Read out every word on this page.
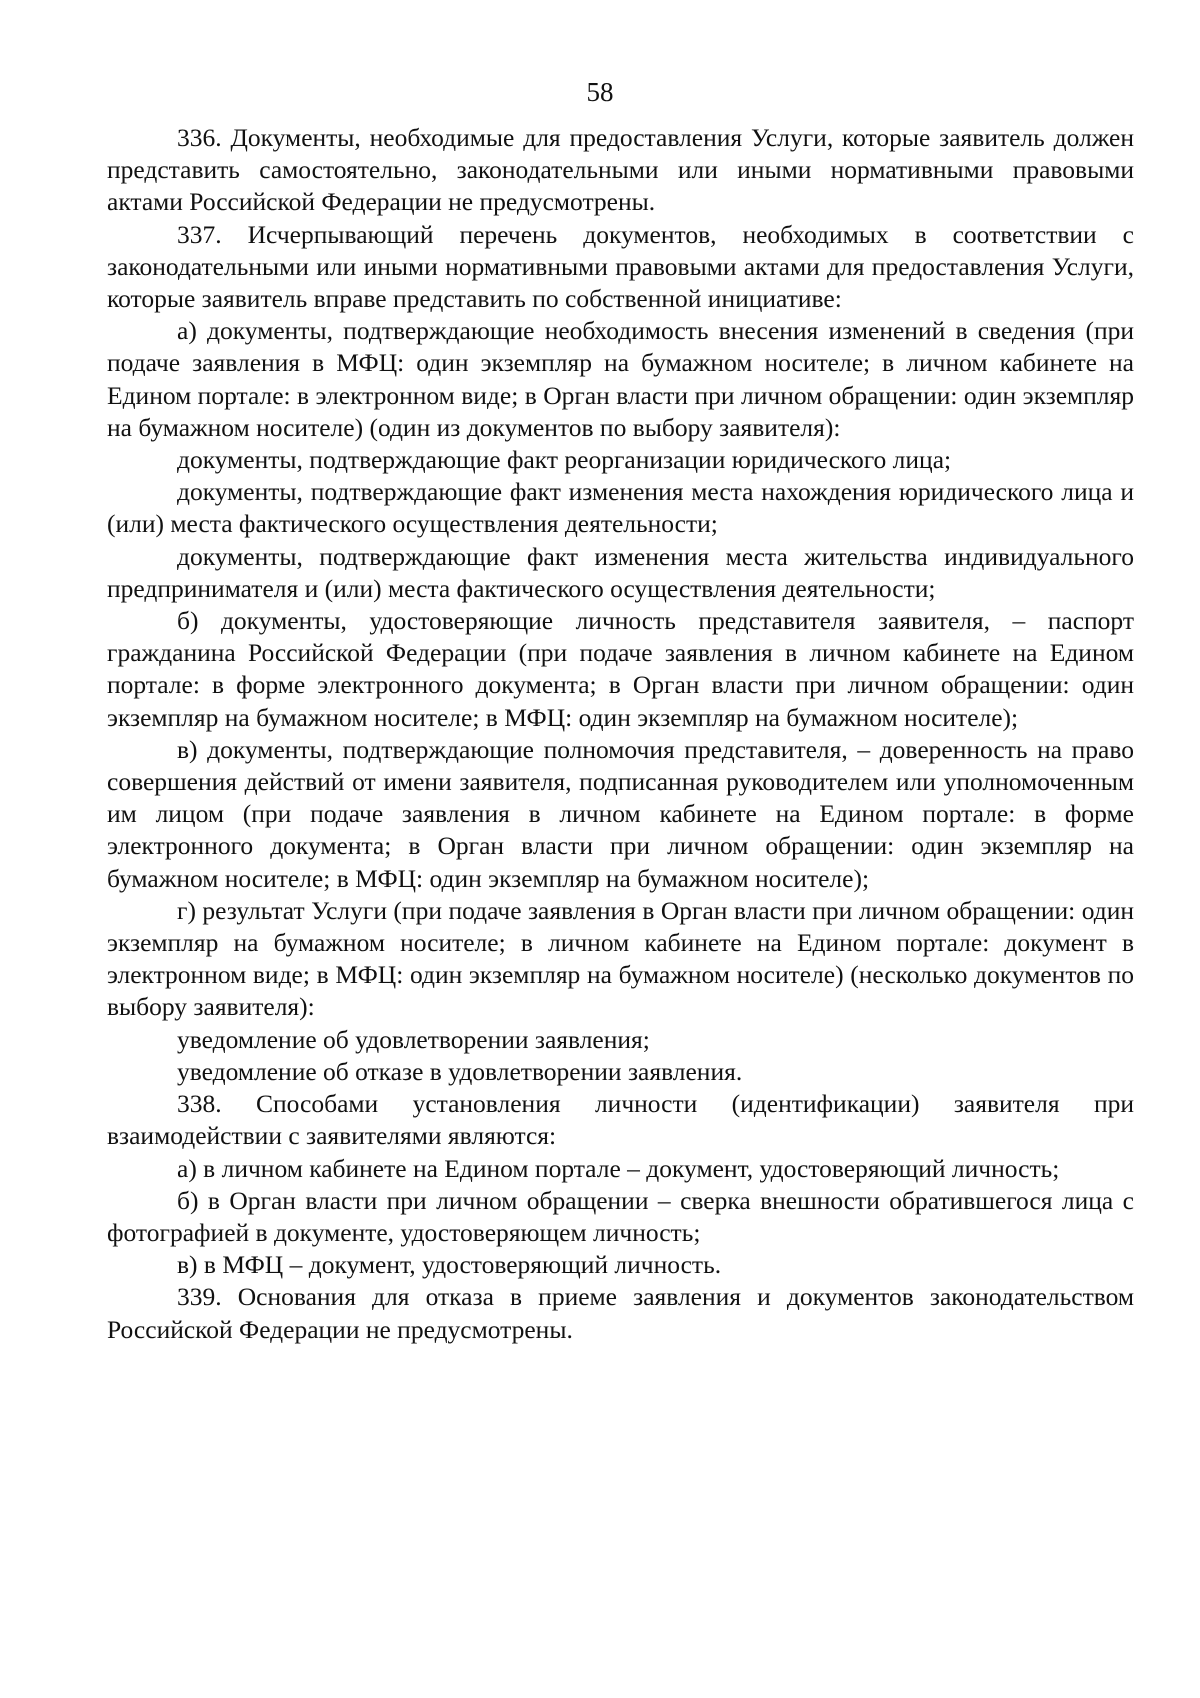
58

336. Документы, необходимые для предоставления Услуги, которые заявитель должен представить самостоятельно, законодательными или иными нормативными правовыми актами Российской Федерации не предусмотрены.

337. Исчерпывающий перечень документов, необходимых в соответствии с законодательными или иными нормативными правовыми актами для предоставления Услуги, которые заявитель вправе представить по собственной инициативе:

а) документы, подтверждающие необходимость внесения изменений в сведения (при подаче заявления в МФЦ: один экземпляр на бумажном носителе; в личном кабинете на Едином портале: в электронном виде; в Орган власти при личном обращении: один экземпляр на бумажном носителе) (один из документов по выбору заявителя):

документы, подтверждающие факт реорганизации юридического лица;

документы, подтверждающие факт изменения места нахождения юридического лица и (или) места фактического осуществления деятельности;

документы, подтверждающие факт изменения места жительства индивидуального предпринимателя и (или) места фактического осуществления деятельности;

б) документы, удостоверяющие личность представителя заявителя, – паспорт гражданина Российской Федерации (при подаче заявления в личном кабинете на Едином портале: в форме электронного документа; в Орган власти при личном обращении: один экземпляр на бумажном носителе; в МФЦ: один экземпляр на бумажном носителе);

в) документы, подтверждающие полномочия представителя, – доверенность на право совершения действий от имени заявителя, подписанная руководителем или уполномоченным им лицом (при подаче заявления в личном кабинете на Едином портале: в форме электронного документа; в Орган власти при личном обращении: один экземпляр на бумажном носителе; в МФЦ: один экземпляр на бумажном носителе);

г) результат Услуги (при подаче заявления в Орган власти при личном обращении: один экземпляр на бумажном носителе; в личном кабинете на Едином портале: документ в электронном виде; в МФЦ: один экземпляр на бумажном носителе) (несколько документов по выбору заявителя):

уведомление об удовлетворении заявления;

уведомление об отказе в удовлетворении заявления.

338. Способами установления личности (идентификации) заявителя при взаимодействии с заявителями являются:

а) в личном кабинете на Едином портале – документ, удостоверяющий личность;

б) в Орган власти при личном обращении – сверка внешности обратившегося лица с фотографией в документе, удостоверяющем личность;

в) в МФЦ – документ, удостоверяющий личность.

339. Основания для отказа в приеме заявления и документов законодательством Российской Федерации не предусмотрены.
